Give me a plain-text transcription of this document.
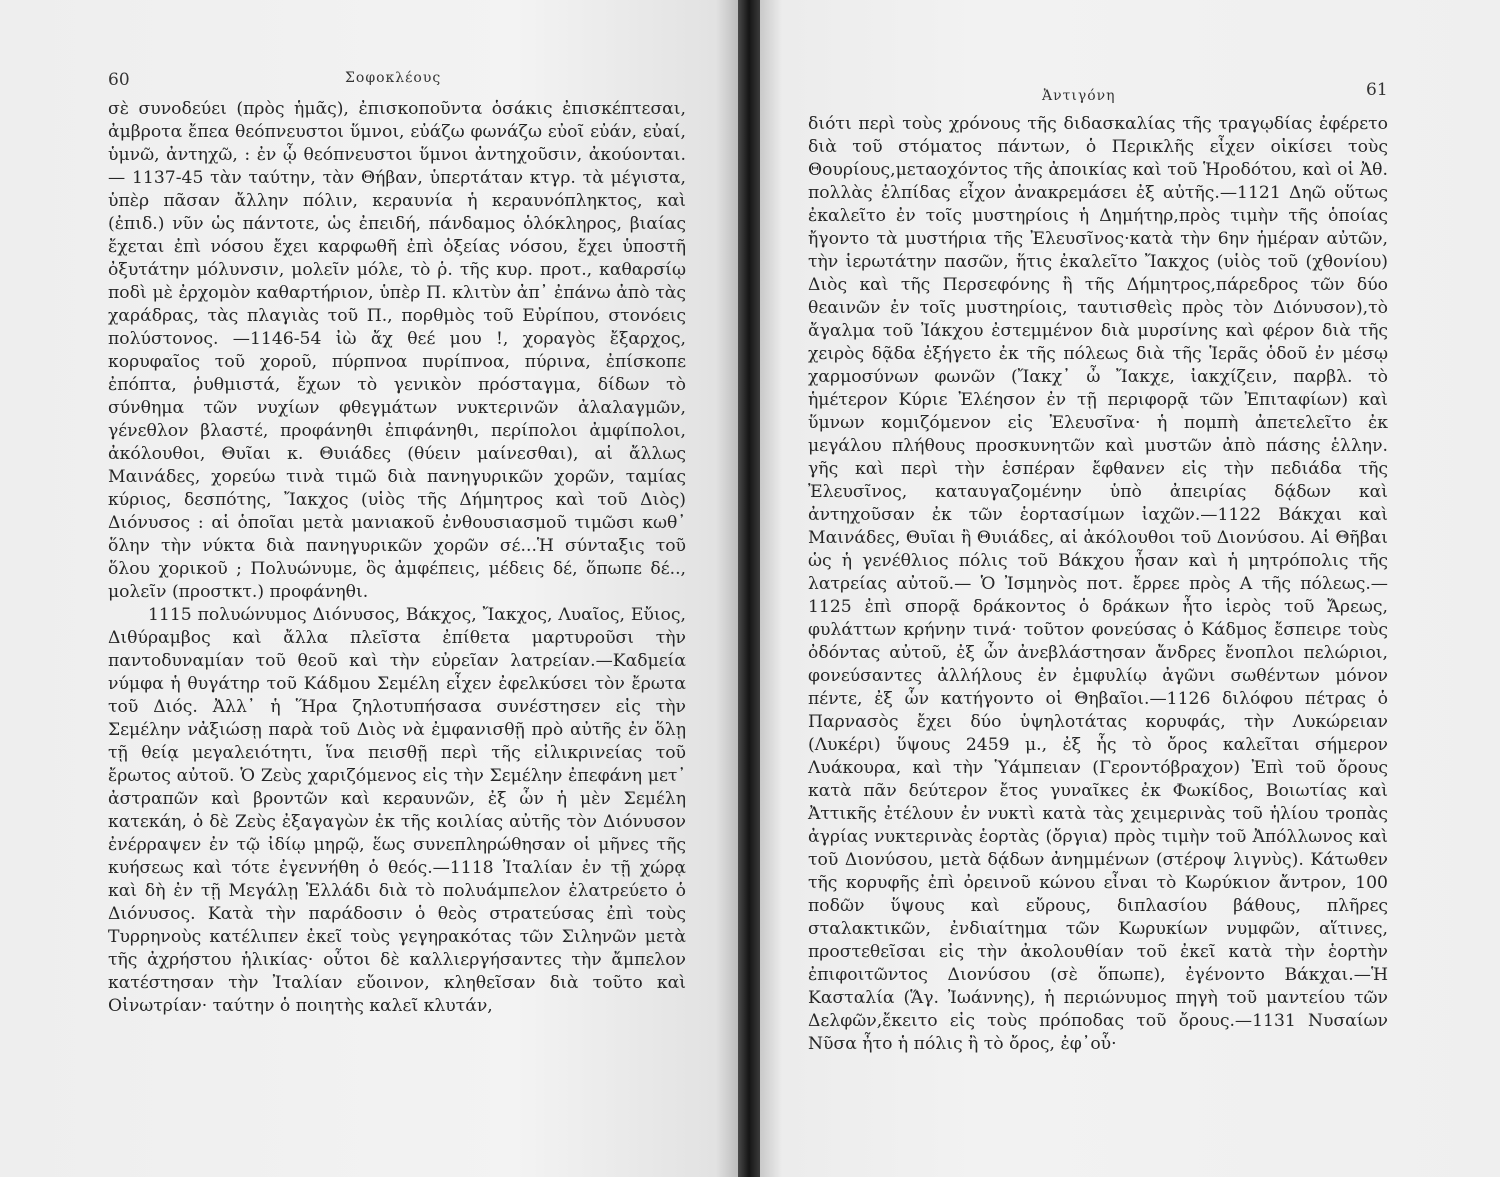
60	Σοφοκλέους

σὲ συνοδεύει (πρὸς ἡμᾶς), ἐπισκοποῦντα ὁσάκις ἐπισκέπτεσαι, ἀμβροτα ἔπεα θεόπνευστοι ὕμνοι, εὐάζω φωνάζω εὐοῖ εὐάν, εὐαί, ὑμνῶ, ἀντηχῶ, : ἐν ᾧ θεόπνευστοι ὕμνοι ἀντηχοῦσιν, ἀκούονται.— 1137-45 τὰν ταύτην, τὰν Θήβαν, ὑπερτάταν κτγρ. τὰ μέγιστα, ὑπὲρ πᾶσαν ἄλλην πόλιν, κεραυνία ἡ κεραυνόπληκτος, καὶ (ἐπιδ.) νῦν ὡς πάντοτε, ὡς ἐπειδή, πάνδαμος ὁλόκληρος, βιαίας ἔχεται ἐπὶ νόσου ἔχει καρφωθῆ ἐπὶ ὀξείας νόσου, ἔχει ὑποστῆ ὀξυτάτην μόλυνσιν, μολεῖν μόλε, τὸ ῥ. τῆς κυρ. προτ., καθαρσίῳ ποδὶ μὲ ἐρχομὸν καθαρτήριον, ὑπὲρ Π. κλιτὺν ἀπ᾽ ἐπάνω ἀπὸ τὰς χαράδρας, τὰς πλαγιὰς τοῦ Π., πορθμὸς τοῦ Εὐρίπου, στονόεις πολύστονος. —1146-54 ἰὼ ἄχ θεέ μου !, χοραγὸς ἔξαρχος, κορυφαῖος τοῦ χοροῦ, πύρπνοα πυρίπνοα, πύρινα, ἐπίσκοπε ἐπόπτα, ῥυθμιστά, ἔχων τὸ γενικὸν πρόσταγμα, δίδων τὸ σύνθημα τῶν νυχίων φθεγμάτων νυκτερινῶν ἀλαλαγμῶν, γένεθλον βλαστέ, προφάνηθι ἐπιφάνηθι, περίπολοι ἀμφίπολοι, ἀκόλουθοι, Θυῖαι κ. Θυιάδες (θύειν μαίνεσθαι), αἱ ἄλλως Μαινάδες, χορεύω τινὰ τιμῶ διὰ πανηγυρικῶν χορῶν, ταμίας κύριος, δεσπότης, Ἴακχος (υἱὸς τῆς Δήμητρος καὶ τοῦ Διὸς) Διόνυσος : αἱ ὁποῖαι μετὰ μανιακοῦ ἐνθουσιασμοῦ τιμῶσι κωθ᾽ ὅλην τὴν νύκτα διὰ πανηγυρικῶν χορῶν σέ...Ἡ σύνταξις τοῦ ὅλου χορικοῦ ; Πολυώνυμε, ὃς ἀμφέπεις, μέδεις δέ, ὅπωπε δέ.., μολεῖν (προστκτ.) προφάνηθι.

1115 πολυώνυμος Διόνυσος, Βάκχος, Ἴακχος, Λυαῖος, Εὔιος, Διθύραμβος καὶ ἄλλα πλεῖστα ἐπίθετα μαρτυροῦσι τὴν παντοδυναμίαν τοῦ θεοῦ καὶ τὴν εὐρεῖαν λατρείαν.—Καδμεία νύμφα ἡ θυγάτηρ τοῦ Κάδμου Σεμέλη εἶχεν ἐφελκύσει τὸν ἔρωτα τοῦ Διός. Ἀλλ᾽ ἡ Ἥρα ζηλοτυπήσασα συνέστησεν εἰς τὴν Σεμέλην νἀξιώσῃ παρὰ τοῦ Διὸς νὰ ἐμφανισθῇ πρὸ αὐτῆς ἐν ὅλῃ τῇ θείᾳ μεγαλειότητι, ἵνα πεισθῇ περὶ τῆς εἰλικρινείας τοῦ ἔρωτος αὐτοῦ. Ὁ Ζεὺς χαριζόμενος εἰς τὴν Σεμέλην ἐπεφάνη μετ᾽ ἀστραπῶν καὶ βροντῶν καὶ κεραυνῶν, ἐξ ὧν ἡ μὲν Σεμέλη κατεκάη, ὁ δὲ Ζεὺς ἐξαγαγὼν ἐκ τῆς κοιλίας αὐτῆς τὸν Διόνυσον ἐνέρραψεν ἐν τῷ ἰδίῳ μηρῷ, ἕως συνεπληρώθησαν οἱ μῆνες τῆς κυήσεως καὶ τότε ἐγεννήθη ὁ θεός.—1118 Ἰταλίαν ἐν τῇ χώρᾳ καὶ δὴ ἐν τῇ Μεγάλῃ Ἑλλάδι διὰ τὸ πολυάμπελον ἐλατρεύετο ὁ Διόνυσος. Κατὰ τὴν παράδοσιν ὁ θεὸς στρατεύσας ἐπὶ τοὺς Τυρρηνοὺς κατέλιπεν ἐκεῖ τοὺς γεγηρακότας τῶν Σιληνῶν μετὰ τῆς ἀχρήστου ἡλικίας· οὗτοι δὲ καλλιεργήσαντες τὴν ἄμπελον κατέστησαν τὴν Ἰταλίαν εὔοινον, κληθεῖσαν διὰ τοῦτο καὶ Οἰνωτρίαν· ταύτην ὁ ποιητὴς καλεῖ κλυτάν,

Ἀντιγόνη	61

διότι περὶ τοὺς χρόνους τῆς διδασκαλίας τῆς τραγῳδίας ἐφέρετο διὰ τοῦ στόματος πάντων, ὁ Περικλῆς εἶχεν οἰκίσει τοὺς Θουρίους,μεταοχόντος τῆς ἀποικίας καὶ τοῦ Ἡροδότου, καὶ οἱ Ἀθ. πολλὰς ἐλπίδας εἶχον ἀνακρεμάσει ἐξ αὐτῆς.—1121 Δηῶ οὕτως ἐκαλεῖτο ἐν τοῖς μυστηρίοις ἡ Δημήτηρ,πρὸς τιμὴν τῆς ὁποίας ἤγοντο τὰ μυστήρια τῆς Ἐλευσῖνος·κατὰ τὴν 6ην ἡμέραν αὐτῶν, τὴν ἱερωτάτην πασῶν, ἥτις ἐκαλεῖτο Ἴακχος (υἱὸς τοῦ (χθονίου) Διὸς καὶ τῆς Περσεφόνης ἢ τῆς Δήμητρος,πάρεδρος τῶν δύο θεαινῶν ἐν τοῖς μυστηρίοις, ταυτισθεὶς πρὸς τὸν Διόνυσον),τὸ ἄγαλμα τοῦ Ἰάκχου ἐστεμμένον διὰ μυρσίνης καὶ φέρον διὰ τῆς χειρὸς δᾷδα ἐξήγετο ἐκ τῆς πόλεως διὰ τῆς Ἱερᾶς ὁδοῦ ἐν μέσῳ χαρμοσύνων φωνῶν (Ἴακχ᾽ ὦ Ἴακχε, ἰακχίζειν, παρβλ. τὸ ἡμέτερον Κύριε Ἐλέησον ἐν τῇ περιφορᾷ τῶν Ἐπιταφίων) καὶ ὕμνων κομιζόμενον εἰς Ἐλευσῖνα· ἡ πομπὴ ἀπετελεῖτο ἐκ μεγάλου πλήθους προσκυνητῶν καὶ μυστῶν ἀπὸ πάσης ἑλλην. γῆς καὶ περὶ τὴν ἑσπέραν ἔφθανεν εἰς τὴν πεδιάδα τῆς Ἐλευσῖνος, καταυγαζομένην ὑπὸ ἀπειρίας δᾴδων καὶ ἀντηχοῦσαν ἐκ τῶν ἑορτασίμων ἰαχῶν.—1122 Βάκχαι καὶ Μαινάδες, Θυῖαι ἢ Θυιάδες, αἱ ἀκόλουθοι τοῦ Διονύσου. Αἱ Θῆβαι ὡς ἡ γενέθλιος πόλις τοῦ Βάκχου ἦσαν καὶ ἡ μητρόπολις τῆς λατρείας αὐτοῦ.— Ὁ Ἰσμηνὸς ποτ. ἔρρεε πρὸς Α τῆς πόλεως.—1125 ἐπὶ σπορᾷ δράκοντος ὁ δράκων ἦτο ἱερὸς τοῦ Ἄρεως, φυλάττων κρήνην τινά· τοῦτον φονεύσας ὁ Κάδμος ἔσπειρε τοὺς ὀδόντας αὐτοῦ, ἐξ ὧν ἀνεβλάστησαν ἄνδρες ἔνοπλοι πελώριοι, φονεύσαντες ἀλλήλους ἐν ἐμφυλίῳ ἀγῶνι σωθέντων μόνον πέντε, ἐξ ὧν κατήγοντο οἱ Θηβαῖοι.—1126 διλόφου πέτρας ὁ Παρνασὸς ἔχει δύο ὑψηλοτάτας κορυφάς, τὴν Λυκώρειαν (Λυκέρι) ὕψους 2459 μ., ἐξ ἧς τὸ ὄρος καλεῖται σήμερον Λυάκουρα, καὶ τὴν Ὑάμπειαν (Γεροντόβραχον) Ἐπὶ τοῦ ὄρους κατὰ πᾶν δεύτερον ἔτος γυναῖκες ἐκ Φωκίδος, Βοιωτίας καὶ Ἀττικῆς ἐτέλουν ἐν νυκτὶ κατὰ τὰς χειμερινὰς τοῦ ἡλίου τροπὰς ἀγρίας νυκτερινὰς ἑορτὰς (ὄργια) πρὸς τιμὴν τοῦ Ἀπόλλωνος καὶ τοῦ Διονύσου, μετὰ δᾴδων ἀνημμένων (στέροψ λιγνὺς). Κάτωθεν τῆς κορυφῆς ἐπὶ ὀρεινοῦ κώνου εἶναι τὸ Κωρύκιον ἄντρον, 100 ποδῶν ὕψους καὶ εὔρους, διπλασίου βάθους, πλῆρες σταλακτικῶν, ἐνδιαίτημα τῶν Κωρυκίων νυμφῶν, αἵτινες, προστεθεῖσαι εἰς τὴν ἀκολουθίαν τοῦ ἐκεῖ κατὰ τὴν ἑορτὴν ἐπιφοιτῶντος Διονύσου (σὲ ὅπωπε), ἐγένοντο Βάκχαι.—Ἡ Κασταλία (Ἅγ. Ἰωάννης), ἡ περιώνυμος πηγὴ τοῦ μαντείου τῶν Δελφῶν,ἔκειτο εἰς τοὺς πρόποδας τοῦ ὄρους.—1131 Νυσαίων Νῦσα ἦτο ἡ πόλις ἢ τὸ ὄρος, ἐφ᾽οὗ·
